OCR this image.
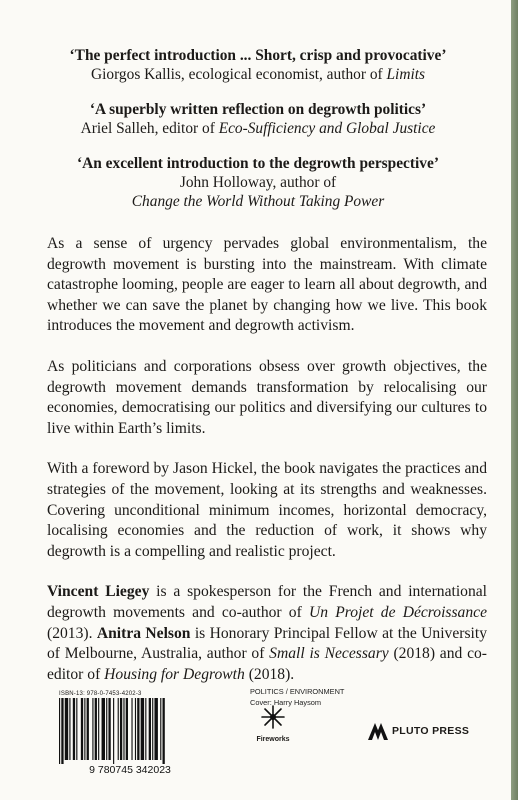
‘The perfect introduction ... Short, crisp and provocative’
Giorgos Kallis, ecological economist, author of Limits
‘A superbly written reflection on degrowth politics’
Ariel Salleh, editor of Eco-Sufficiency and Global Justice
‘An excellent introduction to the degrowth perspective’
John Holloway, author of
Change the World Without Taking Power

As a sense of urgency pervades global environmentalism, the degrowth movement is bursting into the mainstream. With climate catastrophe looming, people are eager to learn all about degrowth, and whether we can save the planet by changing how we live. This book introduces the movement and degrowth activism.

As politicians and corporations obsess over growth objectives, the degrowth movement demands transformation by relocalising our economies, democratising our politics and diversifying our cultures to live within Earth’s limits.

With a foreword by Jason Hickel, the book navigates the practices and strategies of the movement, looking at its strengths and weaknesses. Covering unconditional minimum incomes, horizontal democracy, localising economies and the reduction of work, it shows why degrowth is a compelling and realistic project.

Vincent Liegey is a spokesperson for the French and international degrowth movements and co-author of Un Projet de Décroissance (2013). Anitra Nelson is Honorary Principal Fellow at the University of Melbourne, Australia, author of Small is Necessary (2018) and co-editor of Housing for Degrowth (2018).

ISBN-13: 978-0-7453-4202-3
9 780745 342023
POLITICS / ENVIRONMENT
Cover: Harry Haysom
Fireworks
PLUTO PRESS
